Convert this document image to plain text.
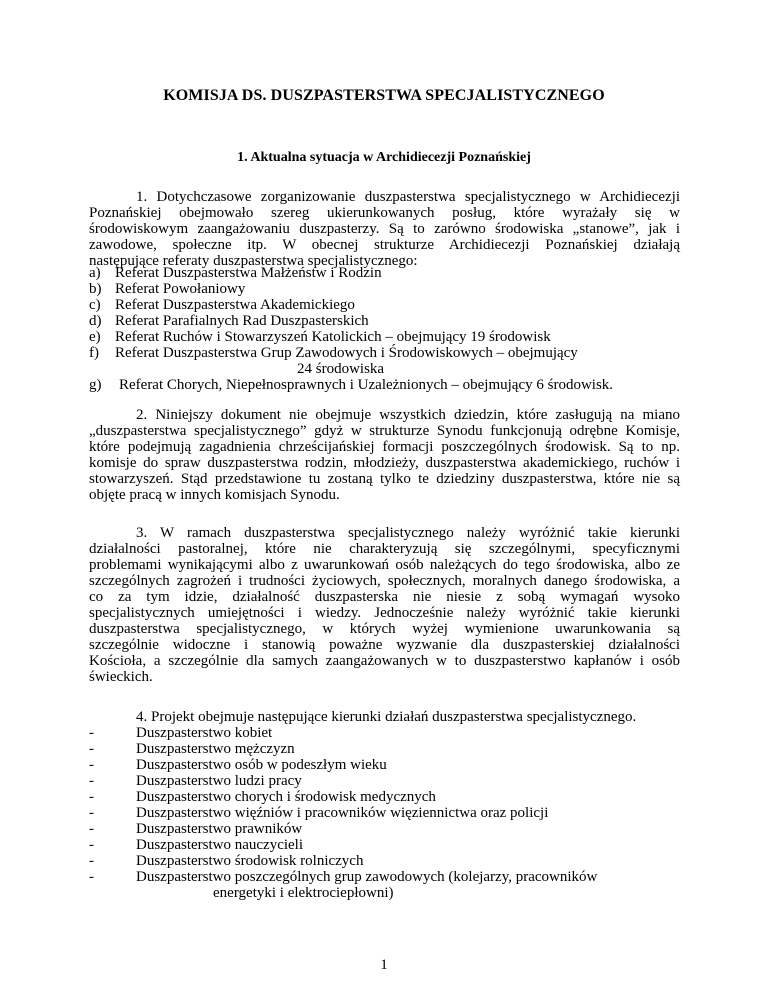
KOMISJA DS. DUSZPASTERSTWA SPECJALISTYCZNEGO
1. Aktualna sytuacja w Archidiecezji Poznańskiej
1. Dotychczasowe zorganizowanie duszpasterstwa specjalistycznego w Archidiecezji
Poznańskiej obejmowało szereg ukierunkowanych posług, które wyrażały się w
środowiskowym zaangażowaniu duszpasterzy. Są to zarówno środowiska „stanowe”, jak i
zawodowe, społeczne itp. W obecnej strukturze Archidiecezji Poznańskiej działają
następujące referaty duszpasterstwa specjalistycznego:
a) Referat Duszpasterstwa Małżeństw i Rodzin
b) Referat Powołaniowy
c) Referat Duszpasterstwa Akademickiego
d) Referat Parafialnych Rad Duszpasterskich
e) Referat Ruchów i Stowarzyszeń Katolickich – obejmujący 19 środowisk
f) Referat Duszpasterstwa Grup Zawodowych i Środowiskowych – obejmujący
24 środowiska
g) Referat Chorych, Niepełnosprawnych i Uzależnionych – obejmujący 6 środowisk.
2. Niniejszy dokument nie obejmuje wszystkich dziedzin, które zasługują na miano
„duszpasterstwa specjalistycznego” gdyż w strukturze Synodu funkcjonują odrębne Komisje,
które podejmują zagadnienia chrześcijańskiej formacji poszczególnych środowisk. Są to np.
komisje do spraw duszpasterstwa rodzin, młodzieży, duszpasterstwa akademickiego, ruchów i
stowarzyszeń. Stąd przedstawione tu zostaną tylko te dziedziny duszpasterstwa, które nie są
objęte pracą w innych komisjach Synodu.
3. W ramach duszpasterstwa specjalistycznego należy wyróżnić takie kierunki
działalności pastoralnej, które nie charakteryzują się szczególnymi, specyficznymi
problemami wynikającymi albo z uwarunkowań osób należących do tego środowiska, albo ze
szczególnych zagrożeń i trudności życiowych, społecznych, moralnych danego środowiska, a
co za tym idzie, działalność duszpasterska nie niesie z sobą wymagań wysoko
specjalistycznych umiejętności i wiedzy. Jednocześnie należy wyróżnić takie kierunki
duszpasterstwa specjalistycznego, w których wyżej wymienione uwarunkowania są
szczególnie widoczne i stanowią poważne wyzwanie dla duszpasterskiej działalności
Kościoła, a szczególnie dla samych zaangażowanych w to duszpasterstwo kapłanów i osób
świeckich.
4. Projekt obejmuje następujące kierunki działań duszpasterstwa specjalistycznego.
-	Duszpasterstwo kobiet
-	Duszpasterstwo mężczyzn
-	Duszpasterstwo osób w podeszłym wieku
-	Duszpasterstwo ludzi pracy
-	Duszpasterstwo chorych i środowisk medycznych
-	Duszpasterstwo więźniów i pracowników więziennictwa oraz policji
-	Duszpasterstwo prawników
-	Duszpasterstwo nauczycieli
-	Duszpasterstwo środowisk rolniczych
-	Duszpasterstwo poszczególnych grup zawodowych (kolejarzy, pracowników
energetyki i elektrociepłowni)
1
